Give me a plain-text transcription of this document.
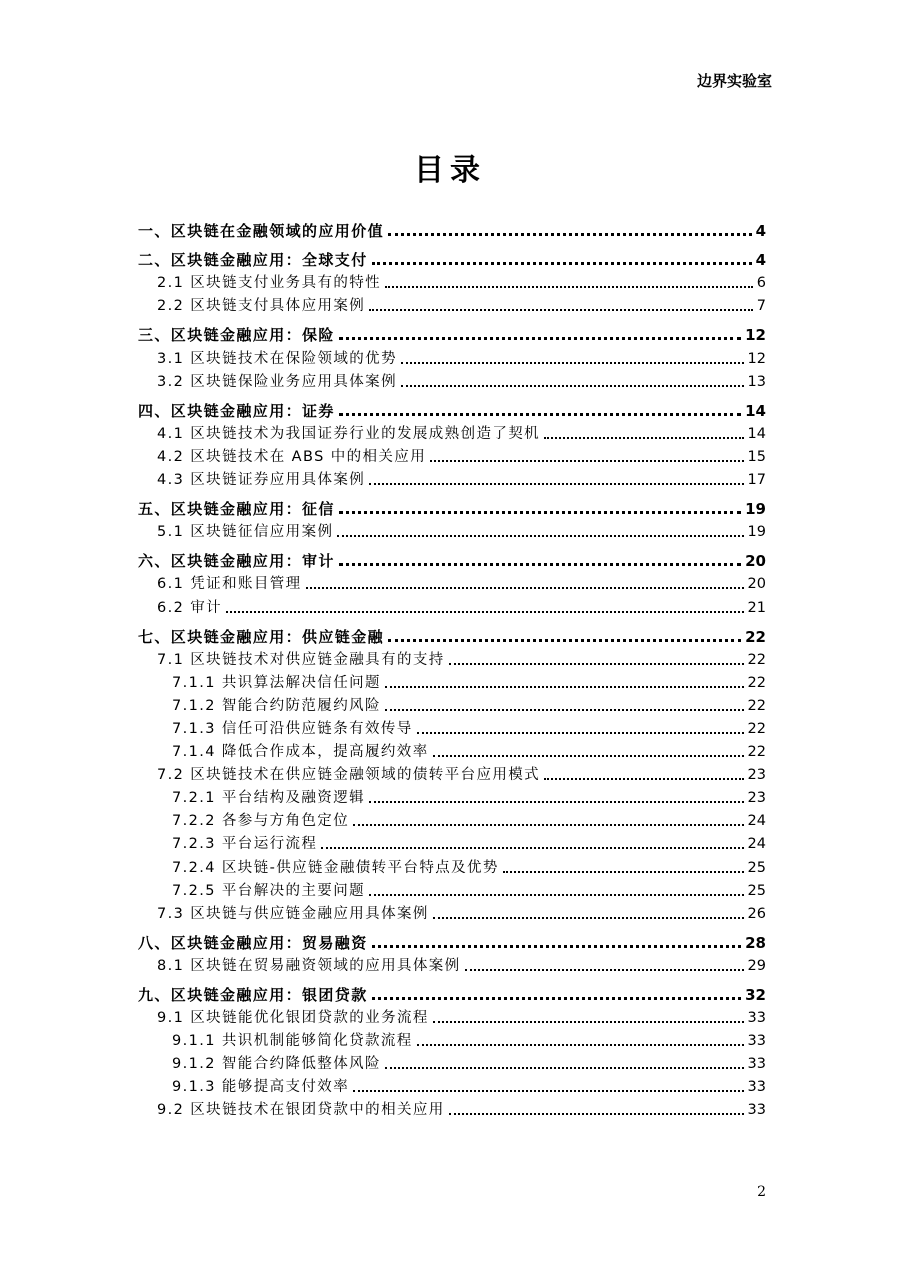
边界实验室
目录
一、区块链在金融领域的应用价值	4
二、区块链金融应用：全球支付	4
2.1 区块链支付业务具有的特性	6
2.2 区块链支付具体应用案例	7
三、区块链金融应用：保险	12
3.1 区块链技术在保险领域的优势	12
3.2 区块链保险业务应用具体案例	13
四、区块链金融应用：证券	14
4.1 区块链技术为我国证券行业的发展成熟创造了契机	14
4.2 区块链技术在 ABS 中的相关应用	15
4.3 区块链证券应用具体案例	17
五、区块链金融应用：征信	19
5.1 区块链征信应用案例	19
六、区块链金融应用：审计	20
6.1 凭证和账目管理	20
6.2 审计	21
七、区块链金融应用：供应链金融	22
7.1 区块链技术对供应链金融具有的支持	22
7.1.1 共识算法解决信任问题	22
7.1.2 智能合约防范履约风险	22
7.1.3 信任可沿供应链条有效传导	22
7.1.4 降低合作成本，提高履约效率	22
7.2 区块链技术在供应链金融领域的债转平台应用模式	23
7.2.1 平台结构及融资逻辑	23
7.2.2 各参与方角色定位	24
7.2.3 平台运行流程	24
7.2.4 区块链-供应链金融债转平台特点及优势	25
7.2.5 平台解决的主要问题	25
7.3 区块链与供应链金融应用具体案例	26
八、区块链金融应用：贸易融资	28
8.1 区块链在贸易融资领域的应用具体案例	29
九、区块链金融应用：银团贷款	32
9.1 区块链能优化银团贷款的业务流程	33
9.1.1 共识机制能够简化贷款流程	33
9.1.2 智能合约降低整体风险	33
9.1.3 能够提高支付效率	33
9.2 区块链技术在银团贷款中的相关应用	33
2
